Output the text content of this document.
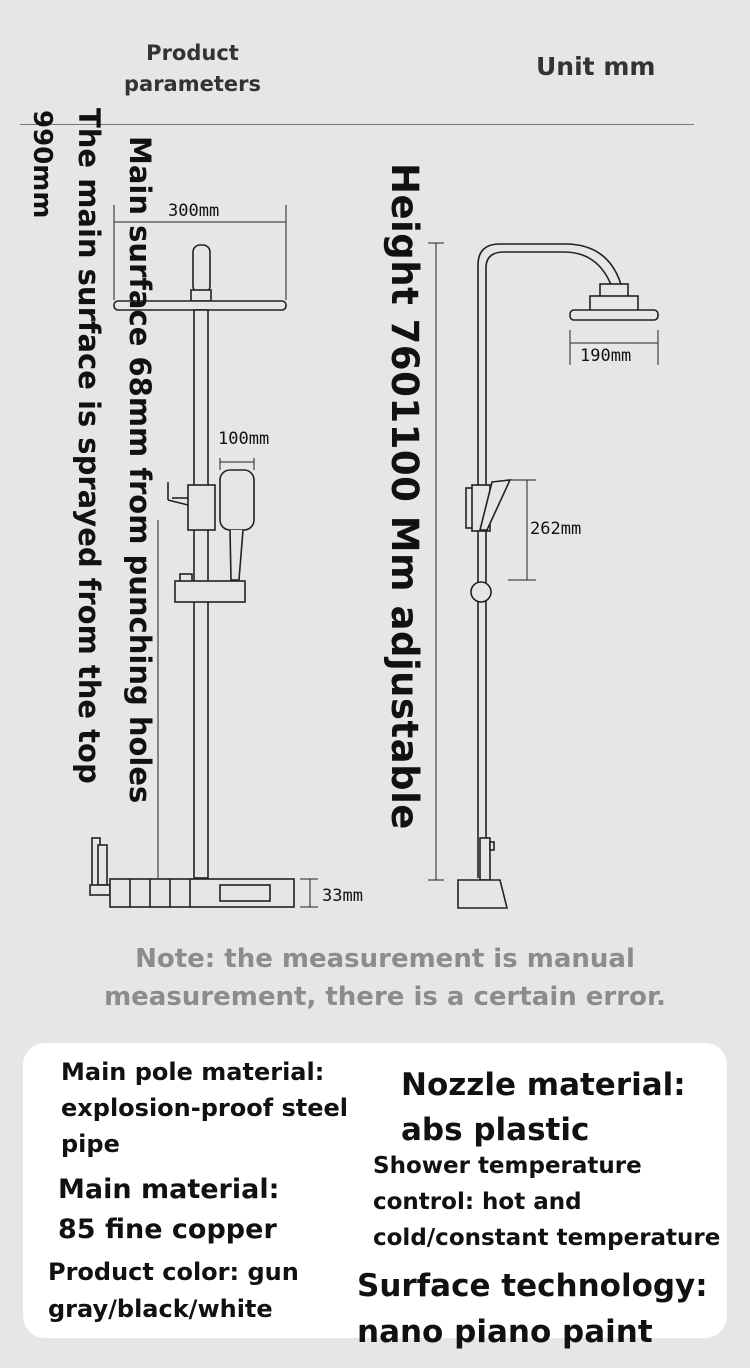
Product parameters
Unit mm
300mm
100mm
190mm
262mm
33mm
990mm The main surface is sprayed from the top Main surface 68mm from punching holes	Height 7601100 Mm adjustable
Note: the measurement is manual measurement, there is a certain error.
Main pole material: explosion-proof steel pipe
Main material:
85 fine copper
Product color: gun gray/black/white
Nozzle material:
abs plastic
Shower temperature control: hot and cold/constant temperature
Surface technology:
nano piano paint
